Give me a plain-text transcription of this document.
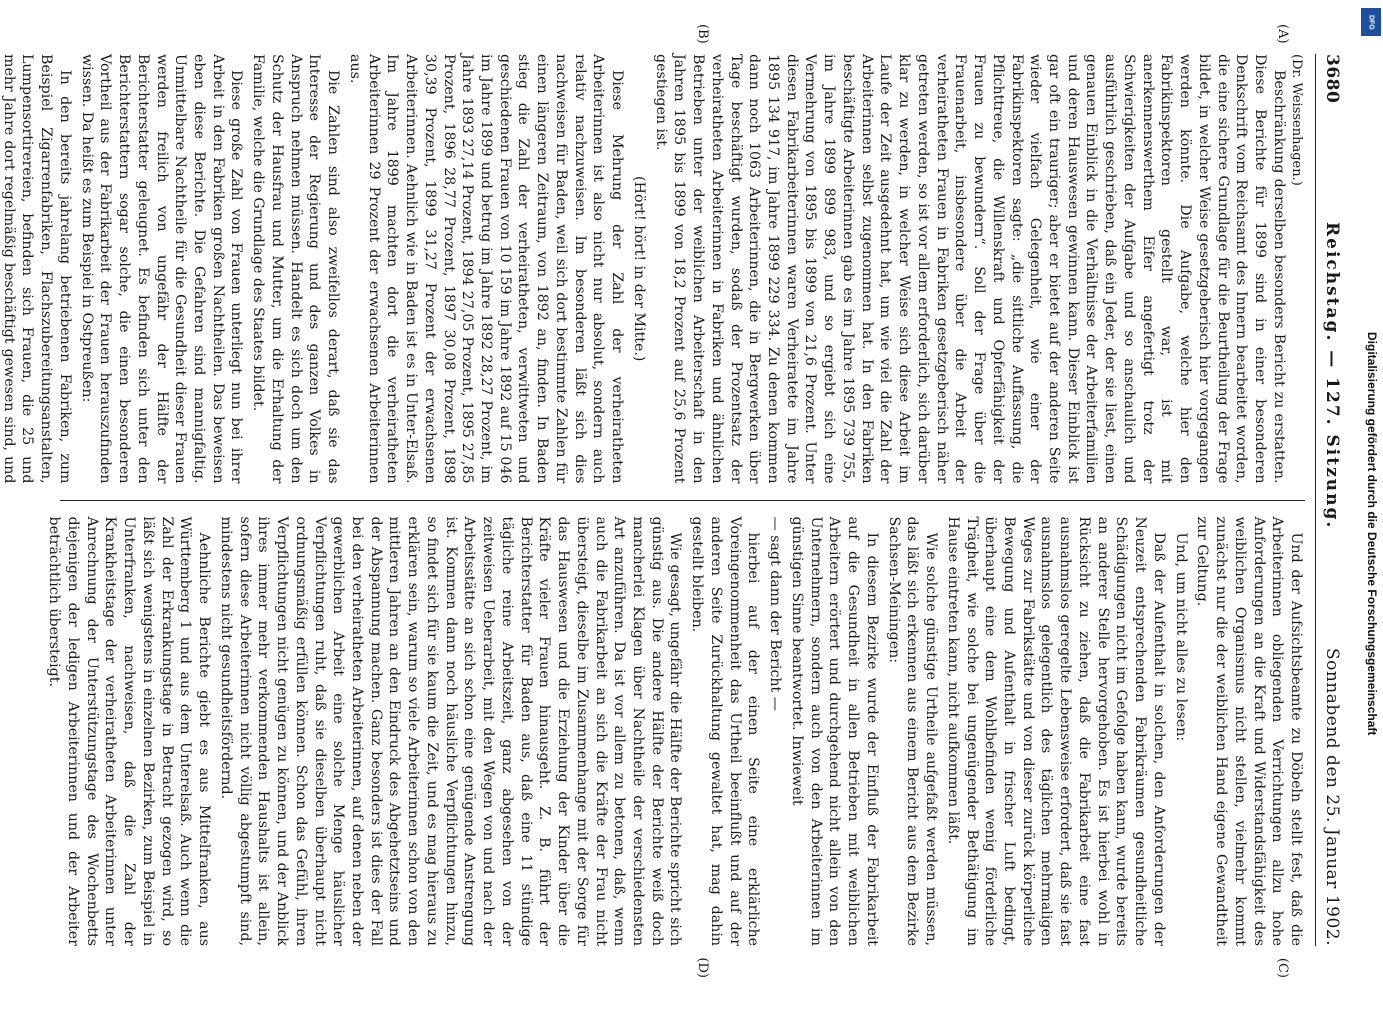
3680
Reichstag. — 127. Sitzung.
Sonnabend den 25. Januar 1902.
(Dr. Weissenhagen.)

Beschränkung derselben besonders Bericht zu erstatten. Diese Berichte für 1899 sind in einer besonderen Denkschrift vom Reichsamt des Innern bearbeitet worden, die eine sichere Grundlage für die Beurtheilung der Frage bildet, in welcher Weise gesetzgeberisch hier vorgegangen werden könnte. Die Aufgabe, welche hier den Fabrikinspektoren gestellt war, ist mit anerkennenswerthem Eifer angefertigt trotz der Schwierigkeiten der Aufgabe und so anschaulich und ausführlich geschrieben, daß ein Jeder, der sie liest, einen genauen Einblick in die Verhältnisse der Arbeiterfamilien und deren Hauswesen gewinnen kann. Dieser Einblick ist gar oft ein trauriger; aber er bietet auf der anderen Seite wieder vielfach Gelegenheit, wie einer der Fabrikinspektoren sagte: „die sittliche Auffassung, die Pflichttreue, die Willenskraft und Opferfähigkeit der Frauen zu bewundern“. Soll der Frage über die Frauenarbeit, insbesondere über die Arbeit der verheiratheten Frauen in Fabriken gesetzgeberisch näher getreten werden, so ist vor allem erforderlich, sich darüber klar zu werden, in welcher Weise sich diese Arbeit im Laufe der Zeit ausgedehnt hat, um wie viel die Zahl der Arbeiterinnen selbst zugenommen hat. In den Fabriken beschäftigte Arbeiterinnen gab es im Jahre 1895 739 755, im Jahre 1899 899 983, und so ergiebt sich eine Vermehrung von 1895 bis 1899 von 21,6 Prozent. Unter diesen Fabrikarbeiterinnen waren Verheiratete im Jahre 1895 134 917, im Jahre 1899 229 334. Zu denen kommen dann noch 1063 Arbeiterinnen, die in Bergwerken über Tage beschäftigt wurden, sodaß der Prozentsatz der verheiratheten Arbeiterinnen in Fabriken und ähnlichen Betrieben unter der weiblichen Arbeiterschaft in den Jahren 1895 bis 1899 von 18,2 Prozent auf 25,6 Prozent gestiegen ist.

(Hört! hört! in der Mitte.)

Diese Mehrung der Zahl der verheiratheten Arbeiterinnen ist also nicht nur absolut, sondern auch relativ nachzuweisen. Im besonderen läßt sich dies nachweisen für Baden, weil sich dort bestimmte Zahlen für einen längeren Zeitraum, von 1892 an, finden. In Baden stieg die Zahl der verheiratheten, verwittweten und geschiedenen Frauen von 10 159 im Jahre 1892 auf 15 046 im Jahre 1899 und betrug im Jahre 1892 28,27 Prozent, im Jahre 1893 27,14 Prozent, 1894 27,05 Prozent, 1895 27,85 Prozent, 1896 28,77 Prozent, 1897 30,08 Prozent, 1898 30,39 Prozent, 1899 31,27 Prozent der erwachsenen Arbeiterinnen. Aehnlich wie in Baden ist es in Unter-Elsaß. Im Jahre 1899 machten dort die verheiratheten Arbeiterinnen 29 Prozent der erwachsenen Arbeiterinnen aus.

Die Zahlen sind also zweifellos derart, daß sie das Interesse der Regierung und des ganzen Volkes in Anspruch nehmen müssen. Handelt es sich doch um den Schutz der Hausfrau und Mutter, um die Erhaltung der Familie, welche die Grundlage des Staates bildet.

Diese große Zahl von Frauen unterliegt nun bei ihrer Arbeit in den Fabriken großen Nachtheilen. Das beweisen eben diese Berichte. Die Gefahren sind mannigfaltig. Unmittelbare Nachtheile für die Gesundheit dieser Frauen werden freilich von ungefähr der Hälfte der Berichterstatter geleugnet. Es befinden sich unter den Berichterstattern sogar solche, die einen besonderen Vortheil aus der Fabrikarbeit der Frauen herauszufinden wissen. Da heißt es zum Beispiel in Ostpreußen:

In den bereits jahrelang betriebenen Fabriken, zum Beispiel Zigarrenfabriken, Flachszubereitungsanstalten, Lumpensortirereien, befinden sich Frauen, die 25 und mehr Jahre dort regelmäßig beschäftigt gewesen sind, und

Und der Aufsichtsbeamte zu Döbeln stellt fest, daß die Arbeiterinnen obliegenden Verrichtungen allzu hohe Anforderungen an die Kraft und Widerstandsfähigkeit des weiblichen Organismus nicht stellen, vielmehr kommt zunächst nur die der weiblichen Hand eigene Gewandtheit zur Geltung.

Und, um nicht alles zu lesen:

Daß der Aufenthalt in solchen, den Anforderungen der Neuzeit entsprechenden Fabrikräumen gesundheitliche Schädigungen nicht im Gefolge haben kann, wurde bereits an anderer Stelle hervorgehoben. Es ist hierbei wohl in Rücksicht zu ziehen, daß die Fabrikarbeit eine fast ausnahmslos geregelte Lebensweise erfordert, daß sie fast ausnahmslos gelegentlich des täglichen mehrmaligen Weges zur Fabrikstätte und von dieser zurück körperliche Bewegung und Aufenthalt in frischer Luft bedingt, überhaupt eine dem Wohlbefinden wenig förderliche Trägheit, wie solche bei ungenügender Bethätigung im Hause eintreten kann, nicht aufkommen läßt.

Wie solche günstige Urtheile aufgefaßt werden müssen, das läßt sich erkennen aus einem Bericht aus dem Bezirke Sachsen-Meiningen:

In diesem Bezirke wurde der Einfluß der Fabrikarbeit auf die Gesundheit in allen Betrieben mit weiblichen Arbeitern erörtert und durchgehend nicht allein von den Unternehmern, sondern auch von den Arbeiterinnen im günstigen Sinne beantwortet. Inwieweit

— sagt dann der Bericht —

hierbei auf der einen Seite eine erklärliche Voreingenommenheit das Urtheil beeinflußt und auf der anderen Seite Zurückhaltung gewaltet hat, mag dahin gestellt bleiben.

Wie gesagt, ungefähr die Hälfte der Berichte spricht sich günstig aus. Die andere Hälfte der Berichte weiß doch mancherlei Klagen über Nachtheile der verschiedensten Art anzuführen. Da ist vor allem zu betonen, daß, wenn auch die Fabrikarbeit an sich die Kräfte der Frau nicht übersteigt, dieselbe im Zusammenhange mit der Sorge für das Hauswesen und die Erziehung der Kinder über die Kräfte vieler Frauen hinausgeht. Z. B. führt der Berichterstatter für Baden aus, daß eine 11 stündige tägliche reine Arbeitszeit, ganz abgesehen von der zeitweisen Ueberarbeit, mit den Wegen von und nach der Arbeitsstätte an sich schon eine genügende Anstrengung ist. Kommen dann noch häusliche Verpflichtungen hinzu, so findet sich für sie kaum die Zeit, und es mag hieraus zu erklären sein, warum so viele Arbeiterinnen schon von den mittleren Jahren an den Eindruck des Abgehetztseins und der Abspannung machen. Ganz besonders ist dies der Fall bei den verheiratheten Arbeiterinnen, auf denen neben der gewerblichen Arbeit eine solche Menge häuslicher Verpflichtungen ruht, daß sie dieselben überhaupt nicht ordnungsmäßig erfüllen können. Schon das Gefühl, ihren Verpflichtungen nicht genügen zu können, und der Anblick ihres immer mehr verkommenden Haushalts ist allein, sofern diese Arbeiterinnen nicht völlig abgestumpft sind, mindestens nicht gesundheitsfördernd.

Aehnliche Berichte giebt es aus Mittelfranken, aus Württemberg 1 und aus dem Unterelsaß. Auch wenn die Zahl der Erkrankungstage in Betracht gezogen wird, so läßt sich wenigstens in einzelnen Bezirken, zum Beispiel in Unterfranken, nachweisen, daß die Zahl der Krankheitstage der verheiratheten Arbeiterinnen unter Anrechnung der Unterstützungstage des Wochenbetts diejenigen der ledigen Arbeiterinnen und der Arbeiter beträchtlich übersteigt.

(A)
(B)
(C)
(D)
DFG
Digitalisierung gefördert durch die Deutsche Forschungsgemeinschaft
